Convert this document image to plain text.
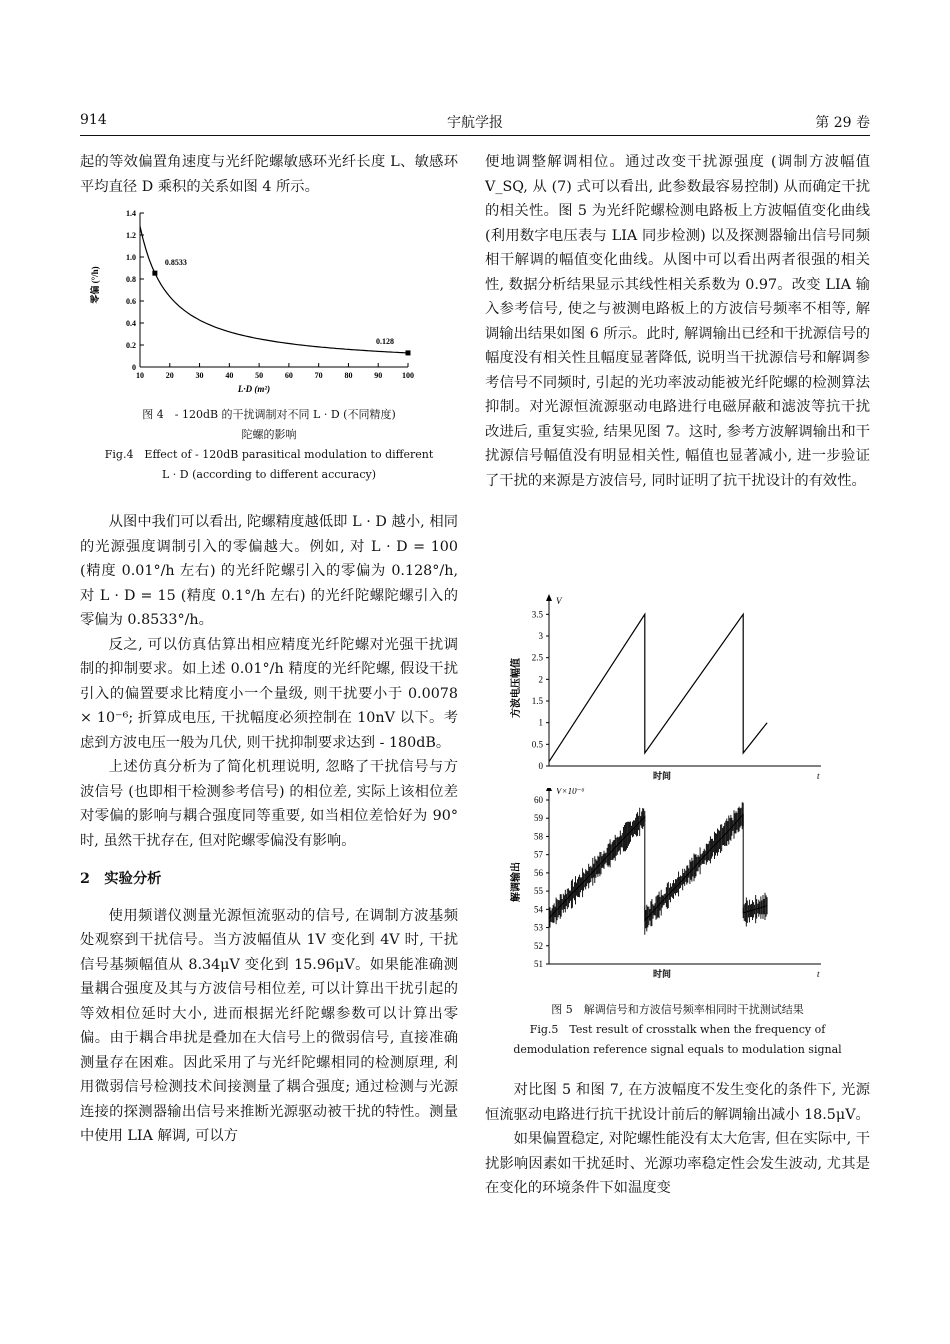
914	宇航学报	第 29 卷

起的等效偏置角速度与光纤陀螺敏感环光纤长度 L、敏感环平均直径 D 乘积的关系如图 4 所示。

0
0.2
0.4
0.6
0.8
1.0
1.2
1.4
10	20	30	40	50	60	70	80	90 100
L·D (m²)
零偏 (°/h)
0.8533
0.128
图 4　- 120dB 的干扰调制对不同 L · D (不同精度)
陀螺的影响
Fig.4　Effect of - 120dB parasitical modulation to different
L · D (according to different accuracy)

从图中我们可以看出, 陀螺精度越低即 L · D 越小, 相同的光源强度调制引入的零偏越大。例如, 对 L · D = 100 (精度 0.01°/h 左右) 的光纤陀螺引入的零偏为 0.128°/h, 对 L · D = 15 (精度 0.1°/h 左右) 的光纤陀螺陀螺引入的零偏为 0.8533°/h。

反之, 可以仿真估算出相应精度光纤陀螺对光强干扰调制的抑制要求。如上述 0.01°/h 精度的光纤陀螺, 假设干扰引入的偏置要求比精度小一个量级, 则干扰要小于 0.0078 × 10⁻⁶; 折算成电压, 干扰幅度必须控制在 10nV 以下。考虑到方波电压一般为几伏, 则干扰抑制要求达到 - 180dB。

上述仿真分析为了简化机理说明, 忽略了干扰信号与方波信号 (也即相干检测参考信号) 的相位差, 实际上该相位差对零偏的影响与耦合强度同等重要, 如当相位差恰好为 90°时, 虽然干扰存在, 但对陀螺零偏没有影响。

2　实验分析

使用频谱仪测量光源恒流驱动的信号, 在调制方波基频处观察到干扰信号。当方波幅值从 1V 变化到 4V 时, 干扰信号基频幅值从 8.34μV 变化到 15.96μV。如果能准确测量耦合强度及其与方波信号相位差, 可以计算出干扰引起的等效相位延时大小, 进而根据光纤陀螺参数可以计算出零偏。由于耦合串扰是叠加在大信号上的微弱信号, 直接准确测量存在困难。因此采用了与光纤陀螺相同的检测原理, 利用微弱信号检测技术间接测量了耦合强度; 通过检测与光源连接的探测器输出信号来推断光源驱动被干扰的特性。测量中使用 LIA 解调, 可以方

便地调整解调相位。通过改变干扰源强度 (调制方波幅值 V_SQ, 从 (7) 式可以看出, 此参数最容易控制) 从而确定干扰的相关性。图 5 为光纤陀螺检测电路板上方波幅值变化曲线 (利用数字电压表与 LIA 同步检测) 以及探测器输出信号同频相干解调的幅值变化曲线。从图中可以看出两者很强的相关性, 数据分析结果显示其线性相关系数为 0.97。改变 LIA 输入参考信号, 使之与被测电路板上的方波信号频率不相等, 解调输出结果如图 6 所示。此时, 解调输出已经和干扰源信号的幅度没有相关性且幅度显著降低, 说明当干扰源信号和解调参考信号不同频时, 引起的光功率波动能被光纤陀螺的检测算法抑制。对光源恒流源驱动电路进行电磁屏蔽和滤波等抗干扰改进后, 重复实验, 结果见图 7。这时, 参考方波解调输出和干扰源信号幅值没有明显相关性, 幅值也显著减小, 进一步验证了干扰的来源是方波信号, 同时证明了抗干扰设计的有效性。

0
0.5
1
1.5
2
2.5
3
3.5
V
时间	t
方波电压幅值
51
52
53
54
55
56
57
58
59
60
V×10⁻⁶
时间	t
解调输出
图 5　解调信号和方波信号频率相同时干扰测试结果
Fig.5　Test result of crosstalk when the frequency of
demodulation reference signal equals to modulation signal

对比图 5 和图 7, 在方波幅度不发生变化的条件下, 光源恒流驱动电路进行抗干扰设计前后的解调输出减小 18.5μV。

如果偏置稳定, 对陀螺性能没有太大危害, 但在实际中, 干扰影响因素如干扰延时、光源功率稳定性会发生波动, 尤其是在变化的环境条件下如温度变
